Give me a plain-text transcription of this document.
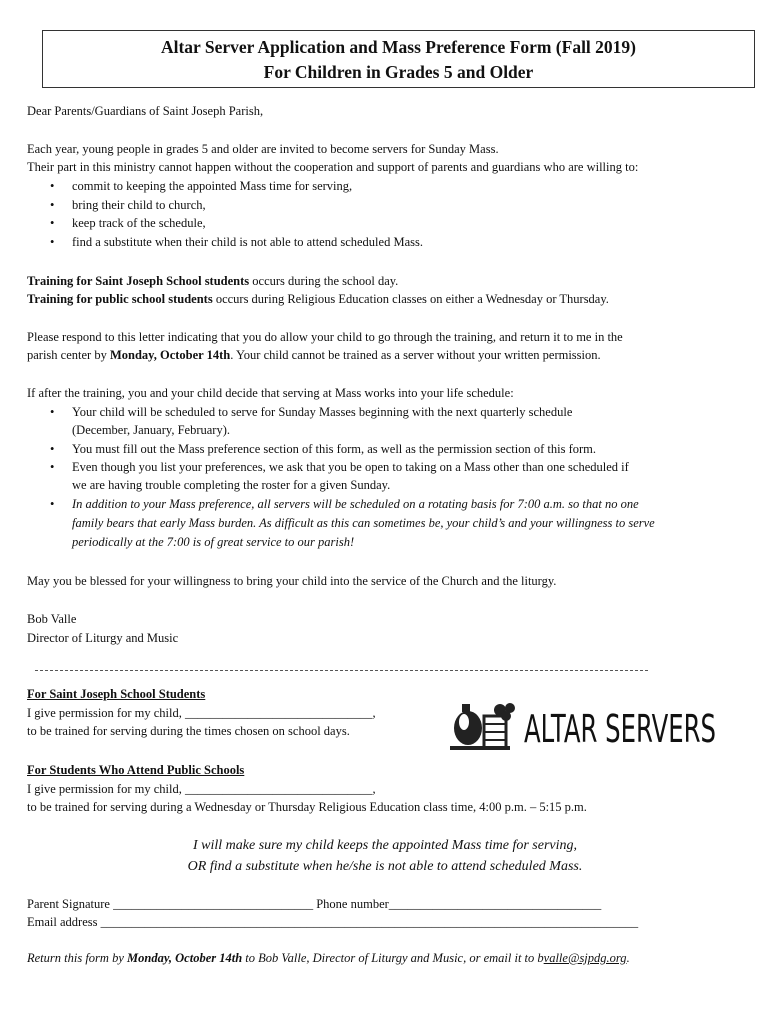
Altar Server Application and Mass Preference Form (Fall 2019)
For Children in Grades 5 and Older
Dear Parents/Guardians of Saint Joseph Parish,
Each year, young people in grades 5 and older are invited to become servers for Sunday Mass.
Their part in this ministry cannot happen without the cooperation and support of parents and guardians who are willing to:
• commit to keeping the appointed Mass time for serving,
• bring their child to church,
• keep track of the schedule,
• find a substitute when their child is not able to attend scheduled Mass.
Training for Saint Joseph School students occurs during the school day.
Training for public school students occurs during Religious Education classes on either a Wednesday or Thursday.
Please respond to this letter indicating that you do allow your child to go through the training, and return it to me in the
parish center by Monday, October 14th. Your child cannot be trained as a server without your written permission.
If after the training, you and your child decide that serving at Mass works into your life schedule:
• Your child will be scheduled to serve for Sunday Masses beginning with the next quarterly schedule
(December, January, February).
• You must fill out the Mass preference section of this form, as well as the permission section of this form.
• Even though you list your preferences, we ask that you be open to taking on a Mass other than one scheduled if
we are having trouble completing the roster for a given Sunday.
• In addition to your Mass preference, all servers will be scheduled on a rotating basis for 7:00 a.m. so that no one
family bears that early Mass burden. As difficult as this can sometimes be, your child’s and your willingness to serve
periodically at the 7:00 is of great service to our parish!
May you be blessed for your willingness to bring your child into the service of the Church and the liturgy.
Bob Valle
Director of Liturgy and Music
For Saint Joseph School Students
I give permission for my child, ______________________________,
to be trained for serving during the times chosen on school days.	ALTAR SERVERS
For Students Who Attend Public Schools
I give permission for my child, ______________________________,
to be trained for serving during a Wednesday or Thursday Religious Education class time, 4:00 p.m. – 5:15 p.m.
I will make sure my child keeps the appointed Mass time for serving,
OR find a substitute when he/she is not able to attend scheduled Mass.
Parent Signature ________________________________ Phone number__________________________________
Email address ______________________________________________________________________________________
Return this form by Monday, October 14th to Bob Valle, Director of Liturgy and Music, or email it to bvalle@sjpdg.org.
